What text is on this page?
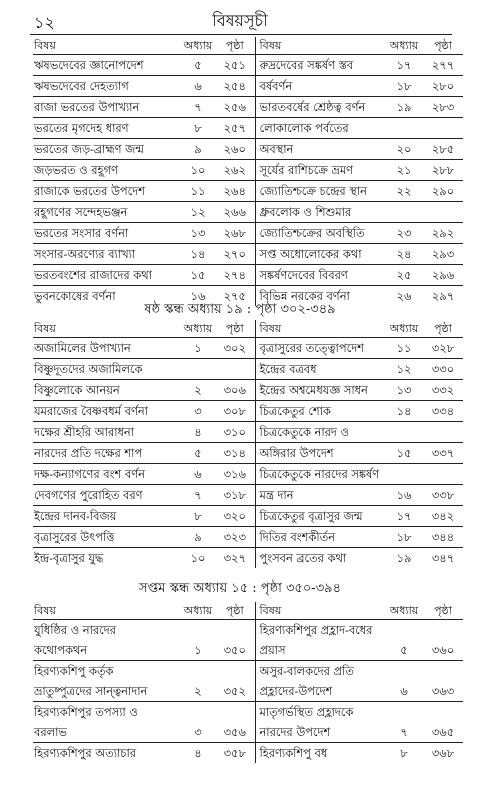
১২	বিষয়সূচী
বিষয়	অধ্যায়	পৃষ্ঠা	বিষয়	অধ্যায়	পৃষ্ঠা
ঋষভদেবের জ্ঞানোপদেশ	৫	২৫১	রুদ্রদেবের সঙ্কর্ষণ স্তব	১৭	২৭৭
ঋষভদেবের দেহত্যাগ	৬	২৫৪	বর্ষবর্ণন	১৮	২৮০
রাজা ভরতের উপাখ্যান	৭	২৫৬	ভারতবর্ষের শ্রেষ্ঠত্ব বর্ণন	১৯	২৮৩
ভরতের মৃগদেহ ধারণ	৮	২৫৭	লোকালোক পর্বতের		
ভরতের জড়-ব্রাহ্মণ জন্ম	৯	২৬০	অবস্থান	২০	২৮৫
জড়ভরত ও রহূগণ	১০	২৬২	সূর্যের রাশিচক্রে ভ্রমণ	২১	২৮৮
রাজাকে ভরতের উপদেশ	১১	২৬৪	জ্যোতিশ্চক্রে চন্দ্রের স্থান	২২	২৯০
রহূগণের সন্দেহভঞ্জন	১২	২৬৬	ধ্রুবলোক ও শিশুমার		
ভরতের সংসার বর্ণনা	১৩	২৬৮	জ্যোতিশ্চক্রের অবস্থিতি	২৩	২৯২
সংসার-অরণ্যের ব্যাখ্যা	১৪	২৭০	সপ্ত অধোলোকের কথা	২৪	২৯৩
ভরতবংশের রাজাদের কথা	১৫	২৭৪	সঙ্কর্ষণদেবের বিবরণ	২৫	২৯৬
ভুবনকোষের বর্ণনা	১৬	২৭৫	বিভিন্ন নরকের বর্ণনা	২৬	২৯৭
ষষ্ঠ স্কন্ধ অধ্যায় ১৯ : পৃষ্ঠা ৩০২-৩৪৯
বিষয়	অধ্যায়	পৃষ্ঠা	বিষয়	অধ্যায়	পৃষ্ঠা
অজামিলের উপাখ্যান	১	৩০২	বৃত্রাসুরের তত্ত্বোপদেশ	১১	৩২৮
বিষ্ণুদূতদের অজামিলকে			ইন্দ্রের বত্রবধ	১২	৩৩০
বিষ্ণুলোকে আনয়ন	২	৩০৬	ইন্দ্রের অশ্বমেধযজ্ঞ সাধন	১৩	৩৩২
যমরাজের বৈষ্ণবধর্ম বর্ণনা	৩	৩০৮	চিত্রকেতুর শোক	১৪	৩৩৪
দক্ষের শ্রীহরি আরাধনা	৪	৩১০	চিত্রকেতুকে নারদ ও		
নারদের প্রতি দক্ষের শাপ	৫	৩১৪	অঙ্গিরার উপদেশ	১৫	৩৩৭
দক্ষ-কন্যাগণের বংশ বর্ণন	৬	৩১৬	চিত্রকেতুকে নারদের সঙ্কর্ষণ		
দেবগণের পুরোহিত বরণ	৭	৩১৮	মন্ত্র দান	১৬	৩৩৮
ইন্দ্রের দানব-বিজয়	৮	৩২০	চিত্রকেতুর বৃত্রাসুর জন্ম	১৭	৩৪২
বৃত্রাসুরের উৎপত্তি	৯	৩২৩	দিতির বংশকীর্তন	১৮	৩৪৪
ইন্দ্র-বৃত্রাসুর যুদ্ধ	১০	৩২৭	পুংসবন ব্রতের কথা	১৯	৩৪৭
সপ্তম স্কন্ধ অধ্যায় ১৫ : পৃষ্ঠা ৩৫০-৩৯৪
বিষয়	অধ্যায়	পৃষ্ঠা	বিষয়	অধ্যায়	পৃষ্ঠা
যুধিষ্ঠির ও নারদের			হিরণ্যকশিপুর প্রহ্লাদ-বধের		
কথোপকথন	১	৩৫০	প্রয়াস	৫	৩৬০
হিরণ্যকশিপু কর্তৃক			অসুর-বালকদের প্রতি		
ভ্রাতুষ্পুত্রদের সান্ত্বনাদান	২	৩৫২	প্রহ্লাদের-উপদেশ	৬	৩৬৩
হিরণ্যকশিপুর তপস্যা ও			মাতৃগর্ভস্থিত প্রহ্লাদকে		
বরলাভ	৩	৩৫৬	নারদের উপদেশ	৭	৩৬৫
হিরণ্যকশিপুর অত্যাচার	৪	৩৫৮	হিরণ্যকশিপু বধ	৮	৩৬৮
